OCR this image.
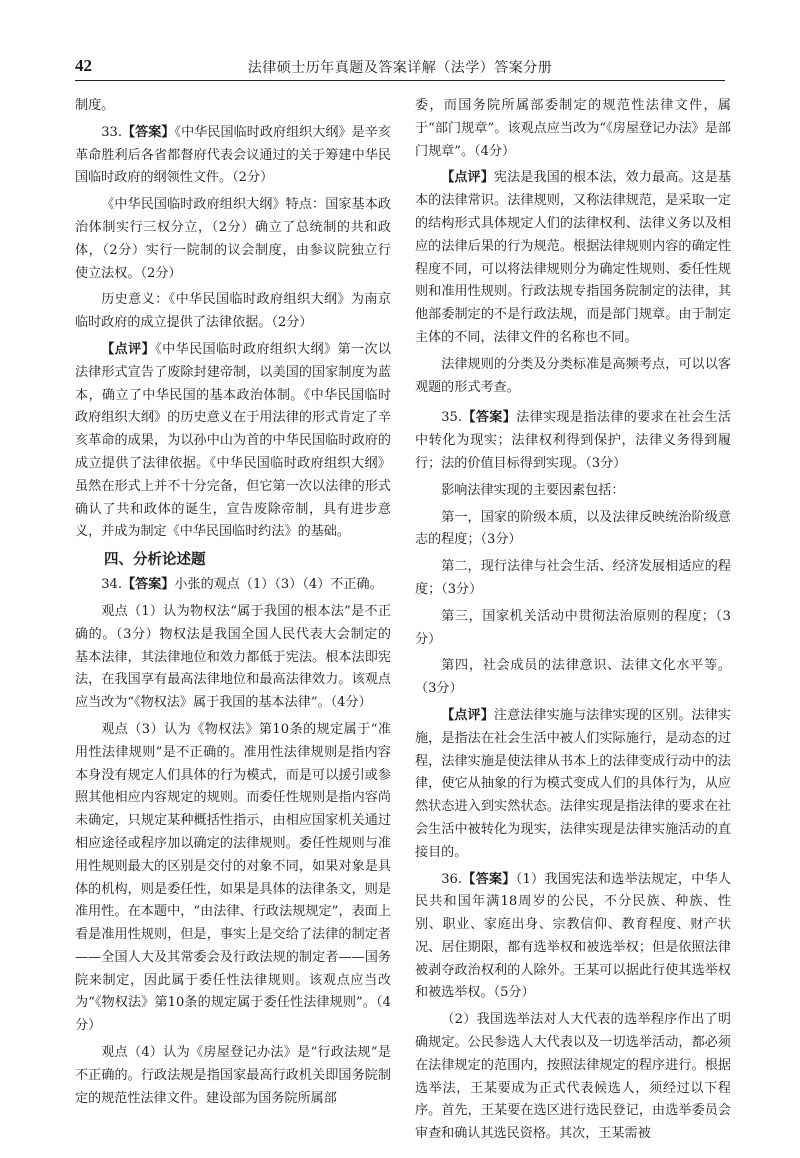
42	法律硕士历年真题及答案详解（法学）答案分册

制度。

33.【答案】《中华民国临时政府组织大纲》是辛亥革命胜利后各省都督府代表会议通过的关于筹建中华民国临时政府的纲领性文件。（2分）

《中华民国临时政府组织大纲》特点：国家基本政治体制实行三权分立，（2分）确立了总统制的共和政体，（2分）实行一院制的议会制度，由参议院独立行使立法权。（2分）

历史意义：《中华民国临时政府组织大纲》为南京临时政府的成立提供了法律依据。（2分）

【点评】《中华民国临时政府组织大纲》第一次以法律形式宣告了废除封建帝制，以美国的国家制度为蓝本，确立了中华民国的基本政治体制。《中华民国临时政府组织大纲》的历史意义在于用法律的形式肯定了辛亥革命的成果，为以孙中山为首的中华民国临时政府的成立提供了法律依据。《中华民国临时政府组织大纲》虽然在形式上并不十分完备，但它第一次以法律的形式确认了共和政体的诞生，宣告废除帝制，具有进步意义，并成为制定《中华民国临时约法》的基础。

四、分析论述题

34.【答案】小张的观点（1）（3）（4）不正确。

观点（1）认为物权法“属于我国的根本法”是不正确的。（3分）物权法是我国全国人民代表大会制定的基本法律，其法律地位和效力都低于宪法。根本法即宪法，在我国享有最高法律地位和最高法律效力。该观点应当改为“《物权法》属于我国的基本法律”。（4分）

观点（3）认为《物权法》第10条的规定属于“准用性法律规则”是不正确的。准用性法律规则是指内容本身没有规定人们具体的行为模式，而是可以援引或参照其他相应内容规定的规则。而委任性规则是指内容尚未确定，只规定某种概括性指示，由相应国家机关通过相应途径或程序加以确定的法律规则。委任性规则与准用性规则最大的区别是交付的对象不同，如果对象是具体的机构，则是委任性，如果是具体的法律条文，则是准用性。在本题中，“由法律、行政法规规定”，表面上看是准用性规则，但是，事实上是交给了法律的制定者——全国人大及其常委会及行政法规的制定者——国务院来制定，因此属于委任性法律规则。该观点应当改为“《物权法》第10条的规定属于委任性法律规则”。（4分）

观点（4）认为《房屋登记办法》是“行政法规”是不正确的。行政法规是指国家最高行政机关即国务院制定的规范性法律文件。建设部为国务院所属部

委，而国务院所属部委制定的规范性法律文件，属于“部门规章”。该观点应当改为“《房屋登记办法》是部门规章”。（4分）

【点评】宪法是我国的根本法，效力最高。这是基本的法律常识。法律规则，又称法律规范，是采取一定的结构形式具体规定人们的法律权利、法律义务以及相应的法律后果的行为规范。根据法律规则内容的确定性程度不同，可以将法律规则分为确定性规则、委任性规则和准用性规则。行政法规专指国务院制定的法律，其他部委制定的不是行政法规，而是部门规章。由于制定主体的不同，法律文件的名称也不同。

法律规则的分类及分类标准是高频考点，可以以客观题的形式考查。

35.【答案】法律实现是指法律的要求在社会生活中转化为现实；法律权利得到保护，法律义务得到履行；法的价值目标得到实现。（3分）

影响法律实现的主要因素包括：

第一，国家的阶级本质，以及法律反映统治阶级意志的程度；（3分）

第二，现行法律与社会生活、经济发展相适应的程度；（3分）

第三，国家机关活动中贯彻法治原则的程度；（3分）

第四，社会成员的法律意识、法律文化水平等。（3分）

【点评】注意法律实施与法律实现的区别。法律实施，是指法在社会生活中被人们实际施行，是动态的过程，法律实施是使法律从书本上的法律变成行动中的法律，使它从抽象的行为模式变成人们的具体行为，从应然状态进入到实然状态。法律实现是指法律的要求在社会生活中被转化为现实，法律实现是法律实施活动的直接目的。

36.【答案】（1）我国宪法和选举法规定，中华人民共和国年满18周岁的公民，不分民族、种族、性别、职业、家庭出身、宗教信仰、教育程度、财产状况、居住期限，都有选举权和被选举权；但是依照法律被剥夺政治权利的人除外。王某可以据此行使其选举权和被选举权。（5分）

（2）我国选举法对人大代表的选举程序作出了明确规定。公民参选人大代表以及一切选举活动，都必须在法律规定的范围内，按照法律规定的程序进行。根据选举法，王某要成为正式代表候选人，须经过以下程序。首先，王某要在选区进行选民登记，由选举委员会审查和确认其选民资格。其次，王某需被
